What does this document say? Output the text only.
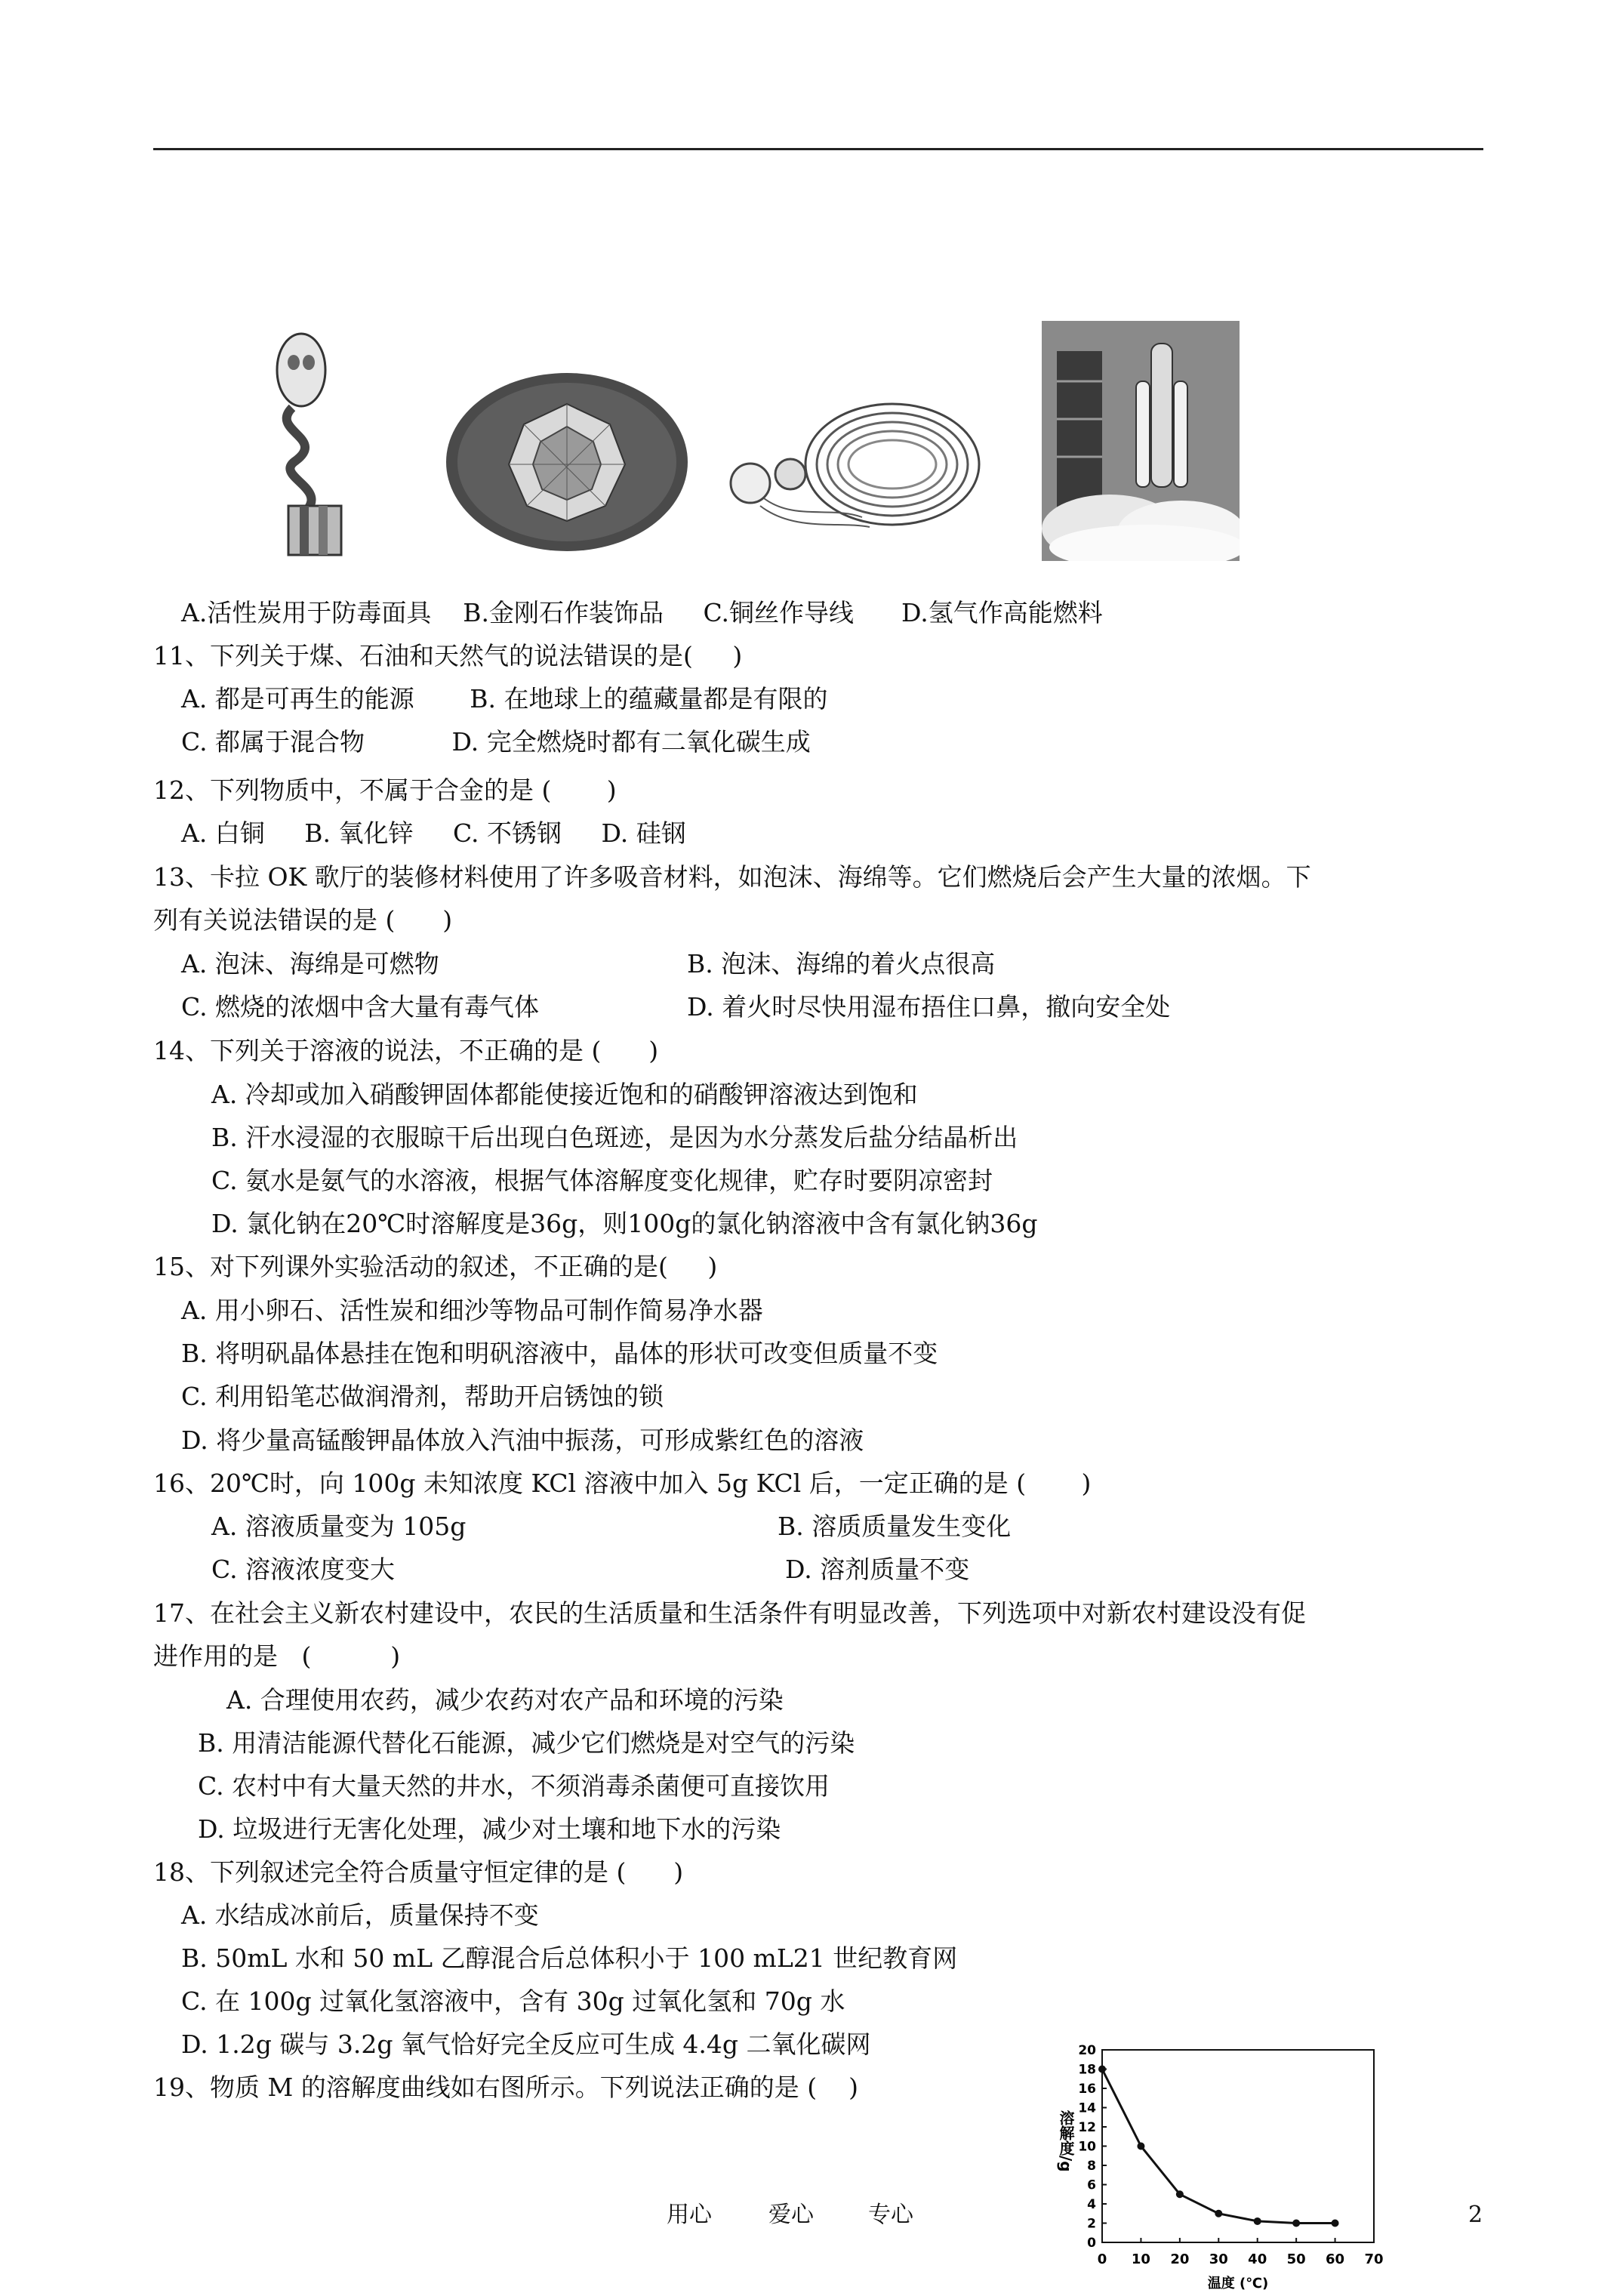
A.活性炭用于防毒面具    B.金刚石作装饰品     C.铜丝作导线      D.氢气作高能燃料
11、下列关于煤、石油和天然气的说法错误的是(     )
A. 都是可再生的能源       B. 在地球上的蕴藏量都是有限的
C. 都属于混合物           D. 完全燃烧时都有二氧化碳生成
12、下列物质中，不属于合金的是 (       )
A. 白铜     B. 氧化锌     C. 不锈钢     D. 硅钢
13、卡拉 OK 歌厅的装修材料使用了许多吸音材料，如泡沫、海绵等。它们燃烧后会产生大量的浓烟。下
列有关说法错误的是 (      )
A. 泡沫、海绵是可燃物	B. 泡沫、海绵的着火点很高
C. 燃烧的浓烟中含大量有毒气体	D. 着火时尽快用湿布捂住口鼻，撤向安全处
14、下列关于溶液的说法，不正确的是 (      )
A. 冷却或加入硝酸钾固体都能使接近饱和的硝酸钾溶液达到饱和
B. 汗水浸湿的衣服晾干后出现白色斑迹，是因为水分蒸发后盐分结晶析出
C. 氨水是氨气的水溶液，根据气体溶解度变化规律，贮存时要阴凉密封
D. 氯化钠在20℃时溶解度是36g，则100g的氯化钠溶液中含有氯化钠36g
15、对下列课外实验活动的叙述，不正确的是(     )
A. 用小卵石、活性炭和细沙等物品可制作简易净水器
B. 将明矾晶体悬挂在饱和明矾溶液中，晶体的形状可改变但质量不变
C. 利用铅笔芯做润滑剂，帮助开启锈蚀的锁
D. 将少量高锰酸钾晶体放入汽油中振荡，可形成紫红色的溶液
16、20℃时，向 100g 未知浓度 KCl 溶液中加入 5g KCl 后，一定正确的是 (       )
A. 溶液质量变为 105g	B. 溶质质量发生变化
C. 溶液浓度变大	D. 溶剂质量不变
17、在社会主义新农村建设中，农民的生活质量和生活条件有明显改善，下列选项中对新农村建设没有促
进作用的是   (          )
A. 合理使用农药，减少农药对农产品和环境的污染
B. 用清洁能源代替化石能源，减少它们燃烧是对空气的污染
C. 农村中有大量天然的井水，不须消毒杀菌便可直接饮用
D. 垃圾进行无害化处理，减少对土壤和地下水的污染
18、下列叙述完全符合质量守恒定律的是 (      )
A. 水结成冰前后，质量保持不变
B. 50mL 水和 50 mL 乙醇混合后总体积小于 100 mL21 世纪教育网
C. 在 100g 过氧化氢溶液中，含有 30g 过氧化氢和 70g 水
D. 1.2g 碳与 3.2g 氧气恰好完全反应可生成 4.4g 二氧化碳网
19、物质 M 的溶解度曲线如右图所示。下列说法正确的是 (    )
0 10 20 30 40 50 60 70
0
2
4
6
8
10
12
14
16
18
20
溶解度/g
温度 (℃)
用心	爱心 专心	2
